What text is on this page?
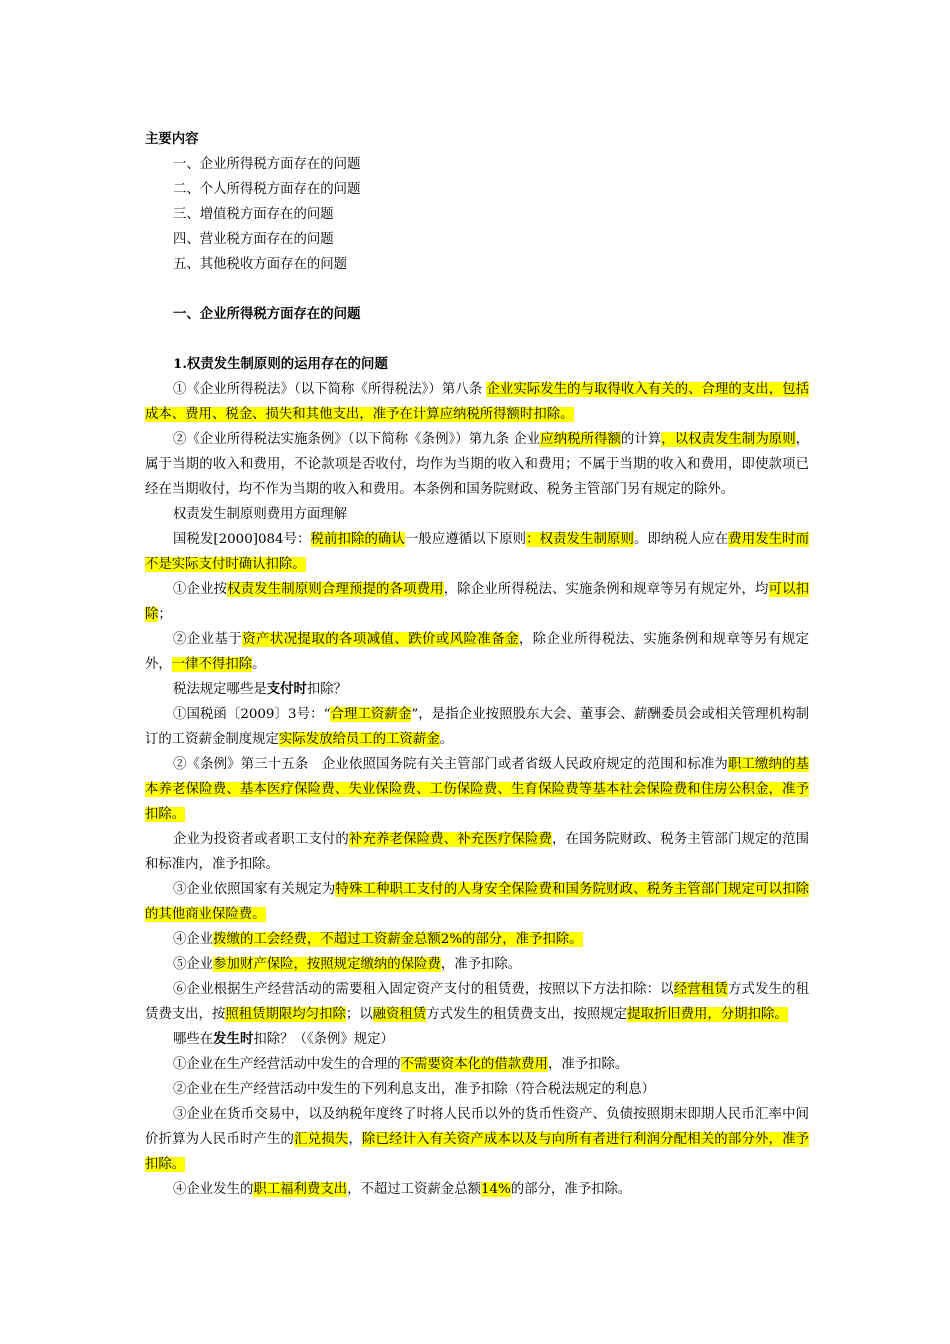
主要内容

一、企业所得税方面存在的问题

二、个人所得税方面存在的问题

三、增值税方面存在的问题

四、营业税方面存在的问题

五、其他税收方面存在的问题

一、企业所得税方面存在的问题

1.权责发生制原则的运用存在的问题

①《企业所得税法》（以下简称《所得税法》）第八条 企业实际发生的与取得收入有关的、合理的支出，包括成本、费用、税金、损失和其他支出，准予在计算应纳税所得额时扣除。

②《企业所得税法实施条例》（以下简称《条例》）第九条 企业应纳税所得额的计算，以权责发生制为原则，属于当期的收入和费用，不论款项是否收付，均作为当期的收入和费用；不属于当期的收入和费用，即使款项已经在当期收付，均不作为当期的收入和费用。本条例和国务院财政、税务主管部门另有规定的除外。

权责发生制原则费用方面理解

国税发[2000]084号：税前扣除的确认一般应遵循以下原则：权责发生制原则。即纳税人应在费用发生时而不是实际支付时确认扣除。

①企业按权责发生制原则合理预提的各项费用，除企业所得税法、实施条例和规章等另有规定外，均可以扣除；

②企业基于资产状况提取的各项减值、跌价或风险准备金，除企业所得税法、实施条例和规章等另有规定外，一律不得扣除。

税法规定哪些是支付时扣除？

①国税函〔2009〕3号：“合理工资薪金”，是指企业按照股东大会、董事会、薪酬委员会或相关管理机构制订的工资薪金制度规定实际发放给员工的工资薪金。

②《条例》第三十五条　企业依照国务院有关主管部门或者省级人民政府规定的范围和标准为职工缴纳的基本养老保险费、基本医疗保险费、失业保险费、工伤保险费、生育保险费等基本社会保险费和住房公积金，准予扣除。

企业为投资者或者职工支付的补充养老保险费、补充医疗保险费，在国务院财政、税务主管部门规定的范围和标准内，准予扣除。

③企业依照国家有关规定为特殊工种职工支付的人身安全保险费和国务院财政、税务主管部门规定可以扣除的其他商业保险费。

④企业拨缴的工会经费，不超过工资薪金总额2%的部分，准予扣除。

⑤企业参加财产保险，按照规定缴纳的保险费，准予扣除。

⑥企业根据生产经营活动的需要租入固定资产支付的租赁费，按照以下方法扣除：以经营租赁方式发生的租赁费支出，按照租赁期限均匀扣除；以融资租赁方式发生的租赁费支出，按照规定提取折旧费用，分期扣除。

哪些在发生时扣除？（《条例》规定）

①企业在生产经营活动中发生的合理的不需要资本化的借款费用，准予扣除。

②企业在生产经营活动中发生的下列利息支出，准予扣除（符合税法规定的利息）

③企业在货币交易中，以及纳税年度终了时将人民币以外的货币性资产、负债按照期末即期人民币汇率中间价折算为人民币时产生的汇兑损失，除已经计入有关资产成本以及与向所有者进行利润分配相关的部分外，准予扣除。

④企业发生的职工福利费支出，不超过工资薪金总额14%的部分，准予扣除。
